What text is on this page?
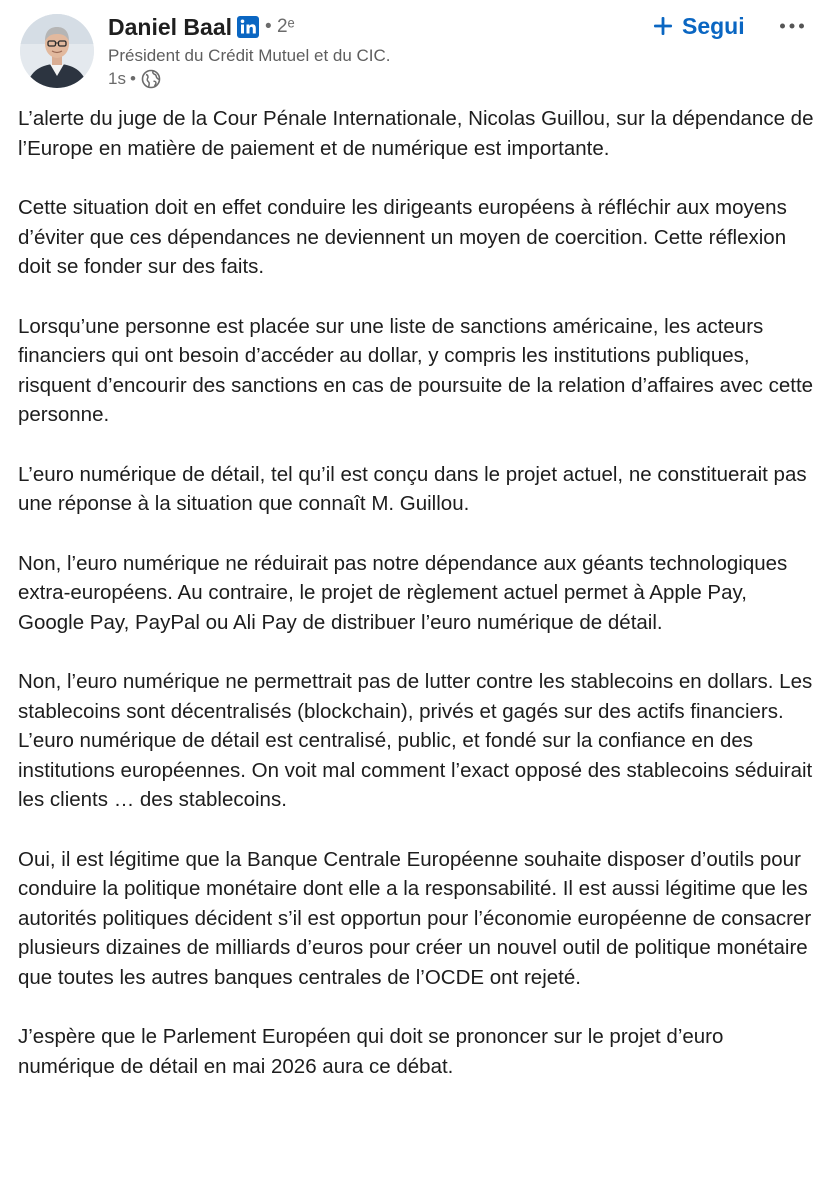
Daniel Baal • 2ᵉ
Président du Crédit Mutuel et du CIC.
1s •
Segui

L’alerte du juge de la Cour Pénale Internationale, Nicolas Guillou, sur la dépendance de l’Europe en matière de paiement et de numérique est importante.

Cette situation doit en effet conduire les dirigeants européens à réfléchir aux moyens d’éviter que ces dépendances ne deviennent un moyen de coercition. Cette réflexion doit se fonder sur des faits.

Lorsqu’une personne est placée sur une liste de sanctions américaine, les acteurs financiers qui ont besoin d’accéder au dollar, y compris les institutions publiques, risquent d’encourir des sanctions en cas de poursuite de la relation d’affaires avec cette personne.

L’euro numérique de détail, tel qu’il est conçu dans le projet actuel, ne constituerait pas une réponse à la situation que connaît M. Guillou.

Non, l’euro numérique ne réduirait pas notre dépendance aux géants technologiques extra-européens. Au contraire, le projet de règlement actuel permet à Apple Pay, Google Pay, PayPal ou Ali Pay de distribuer l’euro numérique de détail.

Non, l’euro numérique ne permettrait pas de lutter contre les stablecoins en dollars. Les stablecoins sont décentralisés (blockchain), privés et gagés sur des actifs financiers. L’euro numérique de détail est centralisé, public, et fondé sur la confiance en des institutions européennes. On voit mal comment l’exact opposé des stablecoins séduirait les clients … des stablecoins.

Oui, il est légitime que la Banque Centrale Européenne souhaite disposer d’outils pour conduire la politique monétaire dont elle a la responsabilité. Il est aussi légitime que les autorités politiques décident s’il est opportun pour l’économie européenne de consacrer plusieurs dizaines de milliards d’euros pour créer un nouvel outil de politique monétaire que toutes les autres banques centrales de l’OCDE ont rejeté.

J’espère que le Parlement Européen qui doit se prononcer sur le projet d’euro numérique de détail en mai 2026 aura ce débat.
